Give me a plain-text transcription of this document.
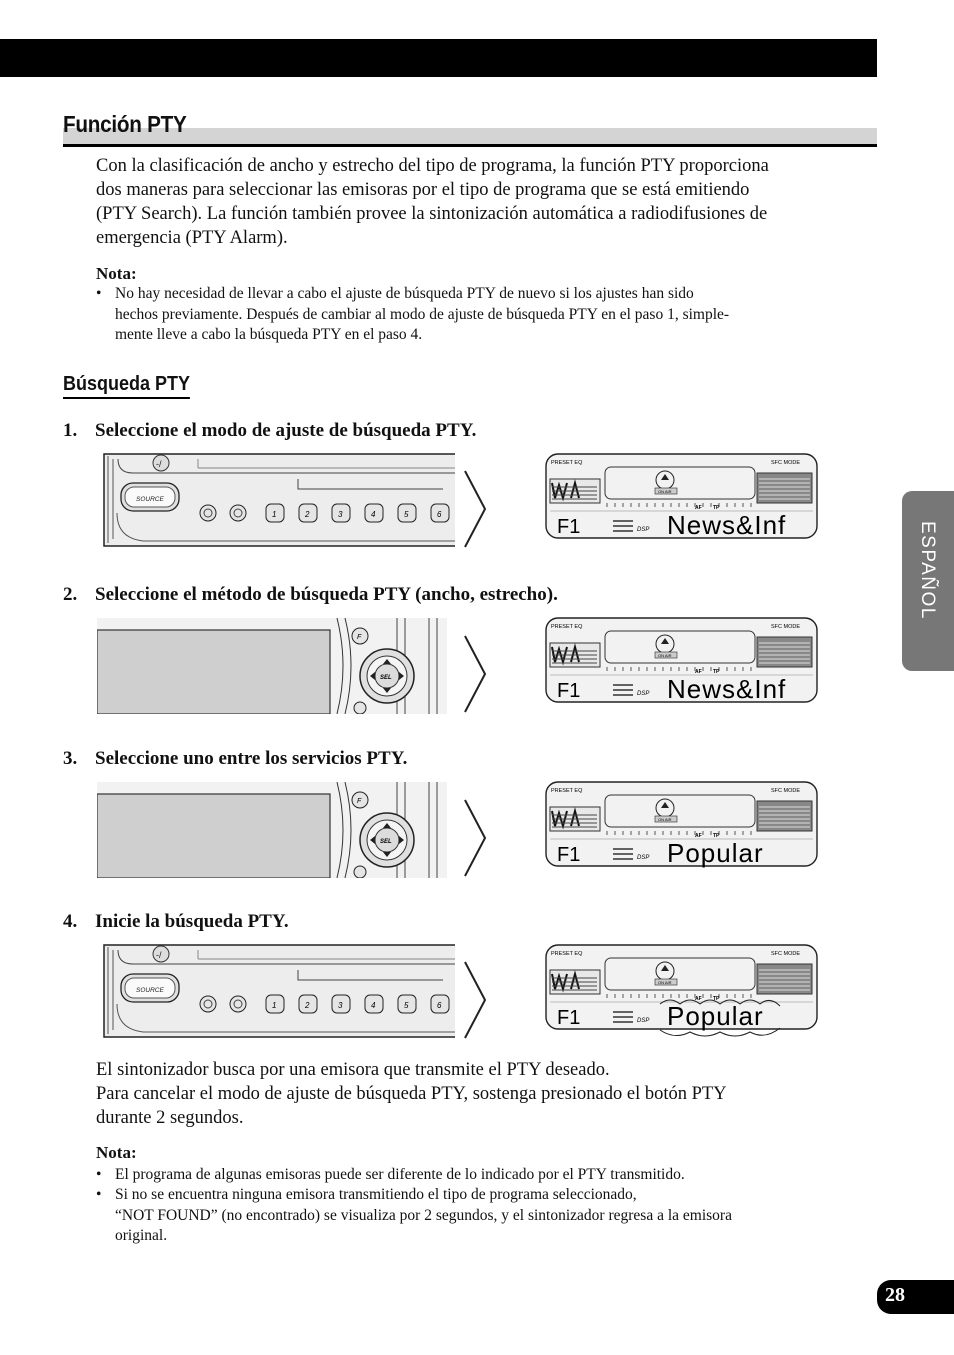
Función PTY
Con la clasificación de ancho y estrecho del tipo de programa, la función PTY proporciona
dos maneras para seleccionar las emisoras por el tipo de programa que se está emitiendo
(PTY Search). La función también provee la sintonización automática a radiodifusiones de
emergencia (PTY Alarm).
Nota:
• No hay necesidad de llevar a cabo el ajuste de búsqueda PTY de nuevo si los ajustes han sido
hechos previamente. Después de cambiar al modo de ajuste de búsqueda PTY en el paso 1, simple-
mente lleve a cabo la búsqueda PTY en el paso 4.
Búsqueda PTY
1. Seleccione el modo de ajuste de búsqueda PTY.
2. Seleccione el método de búsqueda PTY (ancho, estrecho).
3. Seleccione uno entre los servicios PTY.
4. Inicie la búsqueda PTY.
SOURCE
1	2	3	4	5	6
PRESET EQ	SFC MODE
ON AIR
AF TP
DSP
F1	News&Inf
F
SEL
PRESET EQ	SFC MODE
ON AIR
AF TP
DSP
F1	News&Inf
F
SEL
PRESET EQ	SFC MODE
ON AIR
AF TP
DSP
F1	Popular
SOURCE
1	2	3	4	5	6
PRESET EQ	SFC MODE
ON AIR
AF TP
DSP
F1	Popular
El sintonizador busca por una emisora que transmite el PTY deseado.
Para cancelar el modo de ajuste de búsqueda PTY, sostenga presionado el botón PTY
durante 2 segundos.
Nota:
• El programa de algunas emisoras puede ser diferente de lo indicado por el PTY transmitido.
• Si no se encuentra ninguna emisora transmitiendo el tipo de programa seleccionado,
“NOT FOUND” (no encontrado) se visualiza por 2 segundos, y el sintonizador regresa a la emisora
original.
ESPAÑOL
28
